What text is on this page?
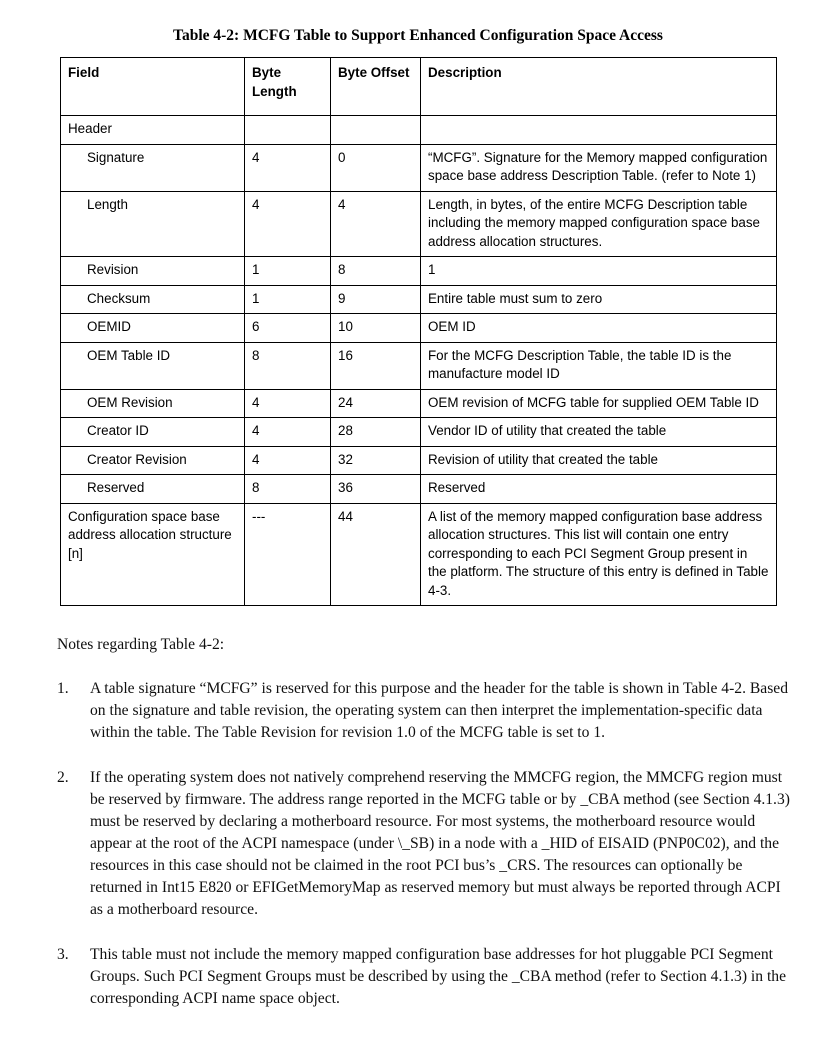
Table 4-2: MCFG Table to Support Enhanced Configuration Space Access
Field	Byte Length	Byte Offset	Description
Header			
Signature	4	0	“MCFG”. Signature for the Memory mapped configuration space base address Description Table. (refer to Note 1)
Length	4	4	Length, in bytes, of the entire MCFG Description table including the memory mapped configuration space base address allocation structures.
Revision	1	8	1
Checksum	1	9	Entire table must sum to zero
OEMID	6	10	OEM ID
OEM Table ID	8	16	For the MCFG Description Table, the table ID is the manufacture model ID
OEM Revision	4	24	OEM revision of MCFG table for supplied OEM Table ID
Creator ID	4	28	Vendor ID of utility that created the table
Creator Revision	4	32	Revision of utility that created the table
Reserved	8	36	Reserved
Configuration space base address allocation structure [n]	---	44	A list of the memory mapped configuration base address allocation structures. This list will contain one entry corresponding to each PCI Segment Group present in the platform. The structure of this entry is defined in Table 4-3.
Notes regarding Table 4-2:
1.	A table signature “MCFG” is reserved for this purpose and the header for the table is shown in Table 4-2. Based on the signature and table revision, the operating system can then interpret the implementation-specific data within the table. The Table Revision for revision 1.0 of the MCFG table is set to 1.
2.	If the operating system does not natively comprehend reserving the MMCFG region, the MMCFG region must be reserved by firmware. The address range reported in the MCFG table or by _CBA method (see Section 4.1.3) must be reserved by declaring a motherboard resource. For most systems, the motherboard resource would appear at the root of the ACPI namespace (under \_SB) in a node with a _HID of EISAID (PNP0C02), and the resources in this case should not be claimed in the root PCI bus’s _CRS. The resources can optionally be returned in Int15 E820 or EFIGetMemoryMap as reserved memory but must always be reported through ACPI as a motherboard resource.
3.	This table must not include the memory mapped configuration base addresses for hot pluggable PCI Segment Groups. Such PCI Segment Groups must be described by using the _CBA method (refer to Section 4.1.3) in the corresponding ACPI name space object.
